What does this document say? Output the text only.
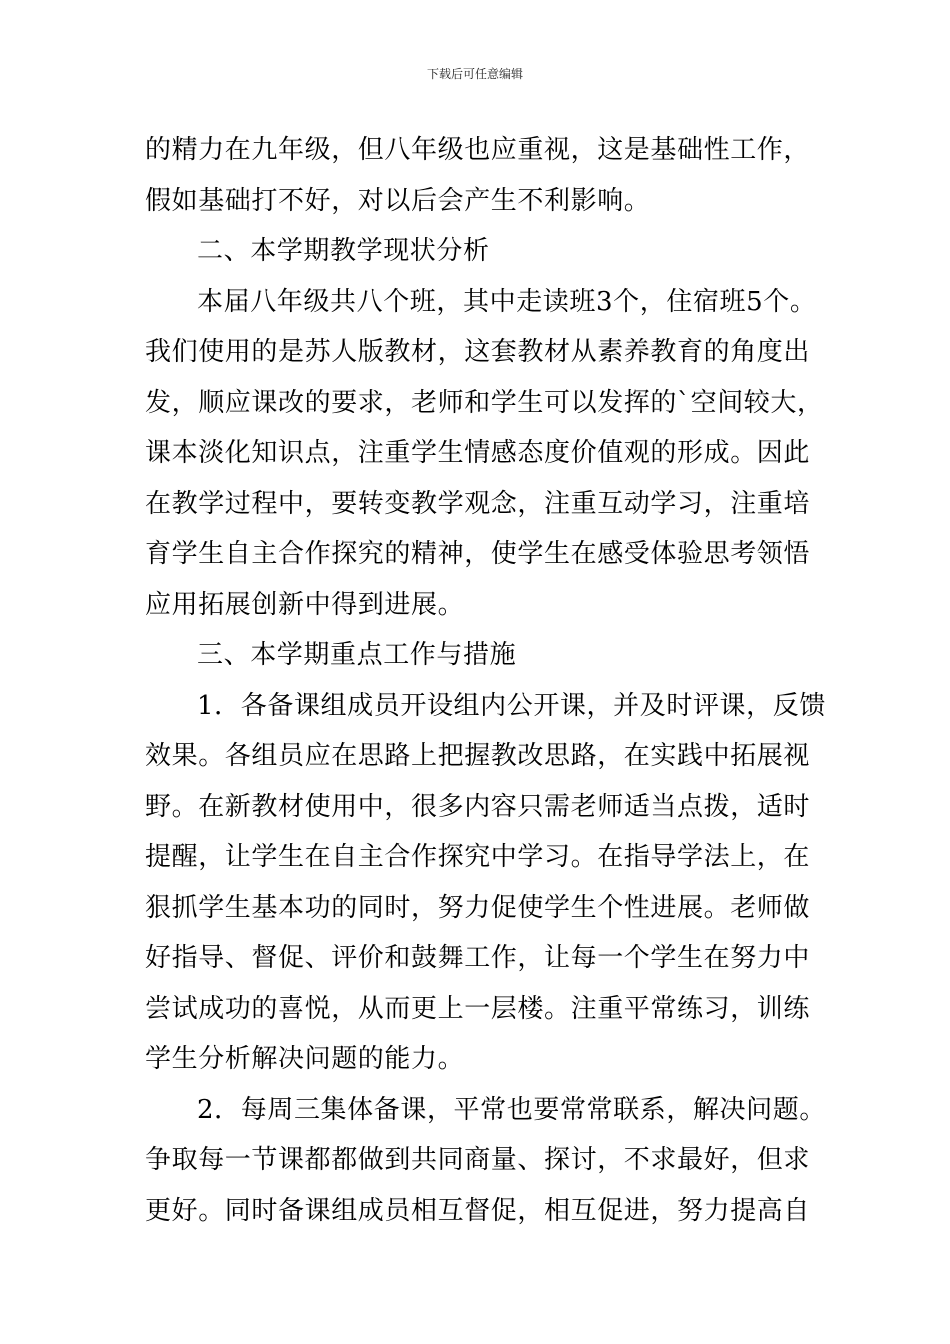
下载后可任意编辑
的精力在九年级，但八年级也应重视，这是基础性工作，
假如基础打不好，对以后会产生不利影响。
二、本学期教学现状分析
本届八年级共八个班，其中走读班3个，住宿班5个。
我们使用的是苏人版教材，这套教材从素养教育的角度出
发，顺应课改的要求，老师和学生可以发挥的`空间较大，
课本淡化知识点，注重学生情感态度价值观的形成。因此
在教学过程中，要转变教学观念，注重互动学习，注重培
育学生自主合作探究的精神，使学生在感受体验思考领悟
应用拓展创新中得到进展。
三、本学期重点工作与措施
1．各备课组成员开设组内公开课，并及时评课，反馈
效果。各组员应在思路上把握教改思路，在实践中拓展视
野。在新教材使用中，很多内容只需老师适当点拨，适时
提醒，让学生在自主合作探究中学习。在指导学法上，在
狠抓学生基本功的同时，努力促使学生个性进展。老师做
好指导、督促、评价和鼓舞工作，让每一个学生在努力中
尝试成功的喜悦，从而更上一层楼。注重平常练习，训练
学生分析解决问题的能力。
2．每周三集体备课，平常也要常常联系，解决问题。
争取每一节课都都做到共同商量、探讨，不求最好，但求
更好。同时备课组成员相互督促，相互促进，努力提高自
